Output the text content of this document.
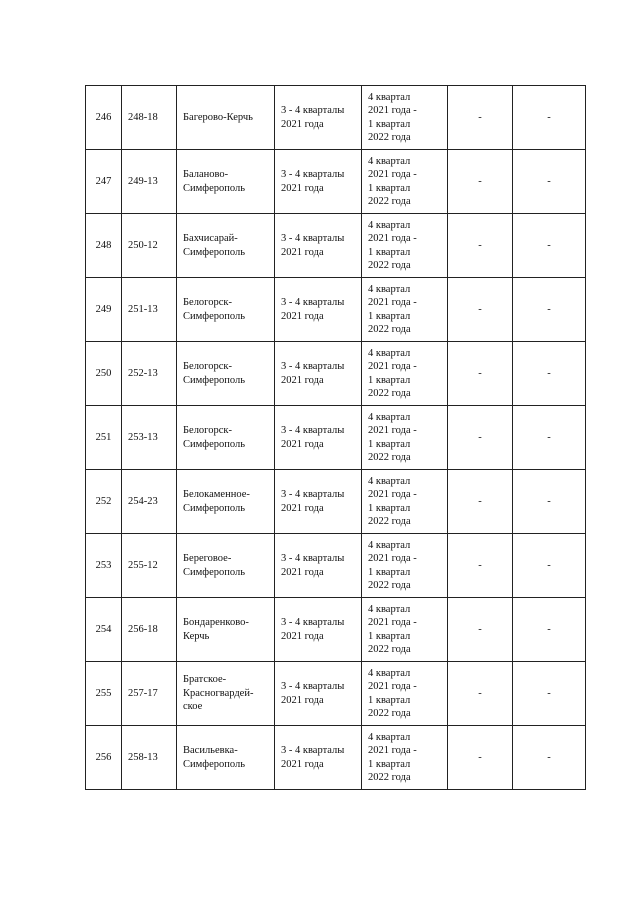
246	248-18	Багерово-Керчь	3 - 4 кварталы 2021 года	4 квартал
2021 года -
1 квартал
2022 года	-	-
247	249-13	Баланово-
Симферополь	3 - 4 кварталы 2021 года	4 квартал
2021 года -
1 квартал
2022 года	-	-
248	250-12	Бахчисарай-
Симферополь	3 - 4 кварталы 2021 года	4 квартал
2021 года -
1 квартал
2022 года	-	-
249	251-13	Белогорск-
Симферополь	3 - 4 кварталы 2021 года	4 квартал
2021 года -
1 квартал
2022 года	-	-
250	252-13	Белогорск-
Симферополь	3 - 4 кварталы 2021 года	4 квартал
2021 года -
1 квартал
2022 года	-	-
251	253-13	Белогорск-
Симферополь	3 - 4 кварталы 2021 года	4 квартал
2021 года -
1 квартал
2022 года	-	-
252	254-23	Белокаменное-
Симферополь	3 - 4 кварталы 2021 года	4 квартал
2021 года -
1 квартал
2022 года	-	-
253	255-12	Береговое-
Симферополь	3 - 4 кварталы 2021 года	4 квартал
2021 года -
1 квартал
2022 года	-	-
254	256-18	Бондаренково-
Керчь	3 - 4 кварталы 2021 года	4 квартал
2021 года -
1 квартал
2022 года	-	-
255	257-17	Братское-
Красногвардей-
ское	3 - 4 кварталы 2021 года	4 квартал
2021 года -
1 квартал
2022 года	-	-
256	258-13	Васильевка-
Симферополь	3 - 4 кварталы 2021 года	4 квартал
2021 года -
1 квартал
2022 года	-	-
